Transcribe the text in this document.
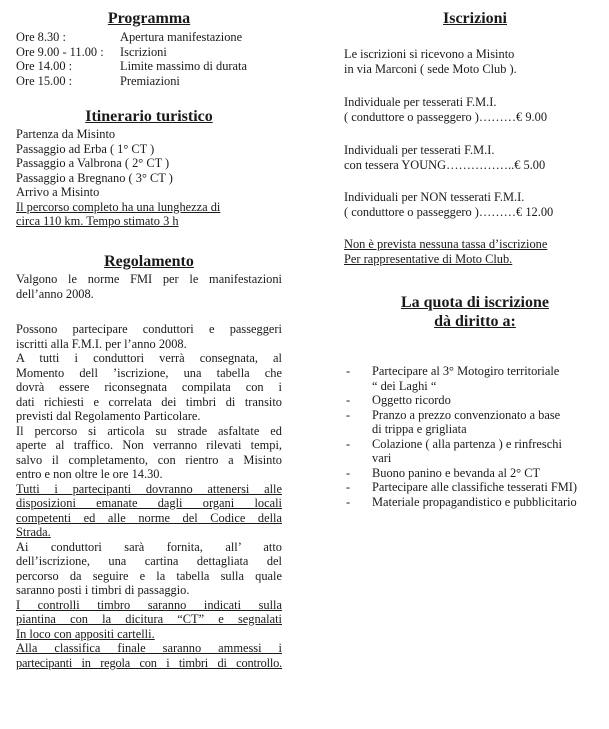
Programma
Ore 8.30 :	Apertura manifestazione
Ore 9.00 - 11.00 :	Iscrizioni
Ore 14.00 :	Limite massimo di durata
Ore 15.00 :	Premiazioni
Itinerario turistico

Partenza da Misinto

Passaggio ad Erba ( 1° CT )

Passaggio a Valbrona ( 2° CT )

Passaggio a Bregnano ( 3° CT )

Arrivo a Misinto

Il percorso completo ha una lunghezza di

circa 110 km. Tempo stimato 3 h

Regolamento

Valgono le norme FMI per le manifestazioni

dell’anno 2008.

Possono partecipare conduttori e passeggeri

iscritti alla F.M.I. per l’anno 2008.

A tutti i conduttori verrà consegnata, al

Momento dell ’iscrizione, una tabella che

dovrà essere riconsegnata compilata con i

dati richiesti e correlata dei timbri di transito

previsti dal Regolamento Particolare.

Il percorso si articola su strade asfaltate ed

aperte al traffico. Non verranno rilevati tempi,

salvo il completamento, con rientro a Misinto

entro e non oltre le ore 14.30.

Tutti i partecipanti dovranno attenersi alle

disposizioni emanate dagli organi locali

competenti ed alle norme del Codice della

Strada.

Ai conduttori sarà fornita, all’ atto

dell’iscrizione, una cartina dettagliata del

percorso da seguire e la tabella sulla quale

saranno posti i timbri di passaggio.

I controlli timbro saranno indicati sulla

piantina con la dicitura “CT” e segnalati

In loco con appositi cartelli.

Alla classifica finale saranno ammessi i

partecipanti in regola con i timbri di controllo.

Iscrizioni

Le iscrizioni si ricevono a Misinto

in via Marconi ( sede Moto Club ).

Individuale per tesserati F.M.I.

( conduttore o passeggero )………€ 9.00

Individuali per tesserati F.M.I.

con tessera YOUNG……………..€ 5.00

Individuali per NON tesserati F.M.I.

( conduttore o passeggero )………€ 12.00

Non è prevista nessuna tassa d’iscrizione

Per rappresentative di Moto Club.

La quota di iscrizione
dà diritto a:
-	Partecipare al 3° Motogiro territoriale
“ dei Laghi “
-	Oggetto ricordo
-	Pranzo a prezzo convenzionato a base
di trippa e grigliata
-	Colazione ( alla partenza ) e rinfreschi
vari
-	Buono panino e bevanda al 2° CT
-	Partecipare alle classifiche tesserati FMI)
-	Materiale propagandistico e pubblicitario
